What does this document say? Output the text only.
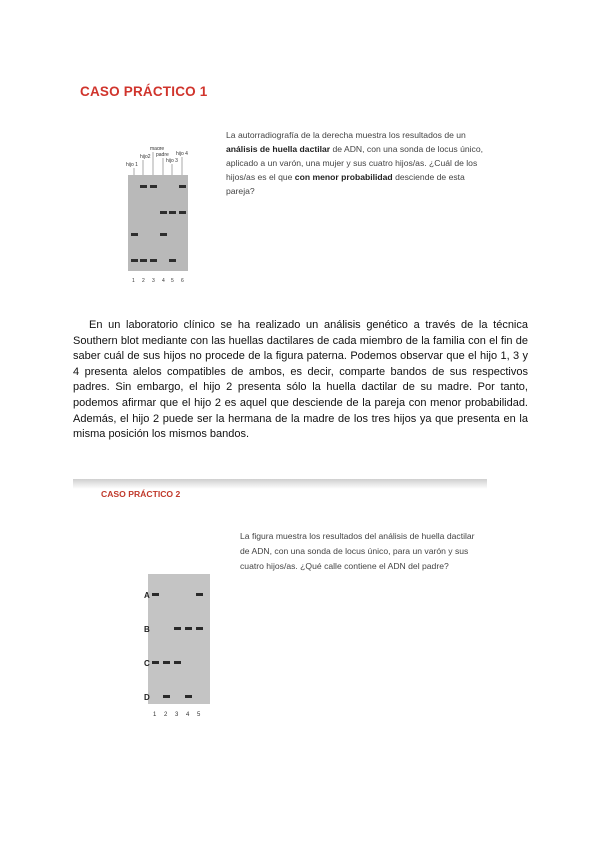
CASO PRÁCTICO 1
hijo 1
hijo2
madre
padre
hijo 3
hijo 4
1 2 3 4 5 6
La autorradiografía de la derecha muestra los resultados de un análisis de huella dactilar de ADN, con una sonda de locus único, aplicado a un varón, una mujer y sus cuatro hijos/as. ¿Cuál de los hijos/as es el que con menor probabilidad desciende de esta pareja?

En un laboratorio clínico se ha realizado un análisis genético a través de la técnica Southern blot mediante con las huellas dactilares de cada miembro de la familia con el fin de saber cuál de sus hijos no procede de la figura paterna. Podemos observar que el hijo 1, 3 y 4 presenta alelos compatibles de ambos, es decir, comparte bandos de sus respectivos padres. Sin embargo, el hijo 2 presenta sólo la huella dactilar de su madre. Por tanto, podemos afirmar que el hijo 2 es aquel que desciende de la pareja con menor probabilidad. Además, el hijo 2 puede ser la hermana de la madre de los tres hijos ya que presenta en la misma posición los mismos bandos.

CASO PRÁCTICO 2
La figura muestra los resultados del análisis de huella dactilar de ADN, con una sonda de locus único, para un varón y sus cuatro hijos/as. ¿Qué calle contiene el ADN del padre?
A
B
C
D
1 2 3 4 5
